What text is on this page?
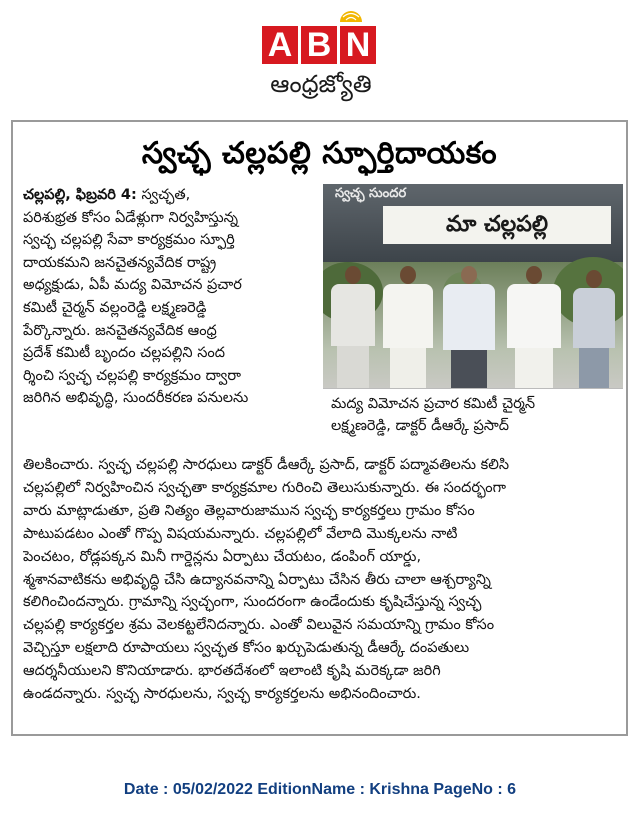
A B N
ఆంధ్రజ్యోతి
స్వచ్ఛ చల్లపల్లి స్ఫూర్తిదాయకం

చల్లపల్లి, ఫిబ్రవరి 4: స్వచ్ఛత,

పరిశుభ్రత కోసం ఏడేళ్లుగా నిర్వహిస్తున్న

స్వచ్ఛ చల్లపల్లి సేవా కార్యక్రమం స్ఫూర్తి

దాయకమని జనచైతన్యవేదిక రాష్ట్ర

అధ్యక్షుడు, ఏపీ మద్య విమోచన ప్రచార

కమిటీ చైర్మన్ వల్లంరెడ్డి లక్ష్మణరెడ్డి

పేర్కొన్నారు. జనచైతన్యవేదిక ఆంధ్ర

ప్రదేశ్ కమిటీ బృందం చల్లపల్లిని సంద

ర్శించి స్వచ్ఛ చల్లపల్లి కార్యక్రమం ద్వారా

జరిగిన అభివృద్ధి, సుందరీకరణ పనులను

స్వచ్ఛ సుందర
మా చల్లపల్లి

మద్య విమోచన ప్రచార కమిటీ చైర్మన్

లక్ష్మణరెడ్డి, డాక్టర్ డీఆర్కే ప్రసాద్

తిలకించారు. స్వచ్ఛ చల్లపల్లి సారధులు డాక్టర్ డీఆర్కే ప్రసాద్, డాక్టర్ పద్మావతిలను కలిసి

చల్లపల్లిలో నిర్వహించిన స్వచ్ఛతా కార్యక్రమాల గురించి తెలుసుకున్నారు. ఈ సందర్భంగా

వారు మాట్లాడుతూ, ప్రతి నిత్యం తెల్లవారుజామున స్వచ్ఛ కార్యకర్తలు గ్రామం కోసం

పాటుపడటం ఎంతో గొప్ప విషయమన్నారు. చల్లపల్లిలో వేలాది మొక్కలను నాటి

పెంచటం, రోడ్లపక్కన మినీ గార్డెన్లను ఏర్పాటు చేయటం, డంపింగ్ యార్డు,

శ్మశానవాటికను అభివృద్ధి చేసి ఉద్యానవనాన్ని ఏర్పాటు చేసిన తీరు చాలా ఆశ్చర్యాన్ని

కలిగించిందన్నారు. గ్రామాన్ని స్వచ్ఛంగా, సుందరంగా ఉండేందుకు కృషిచేస్తున్న స్వచ్ఛ

చల్లపల్లి కార్యకర్తల శ్రమ వెలకట్టలేనిదన్నారు. ఎంతో విలువైన సమయాన్ని గ్రామం కోసం

వెచ్చిస్తూ లక్షలాది రూపాయలు స్వచ్ఛత కోసం ఖర్చుపెడుతున్న డీఆర్కే దంపతులు

ఆదర్శనీయులని కొనియాడారు. భారతదేశంలో ఇలాంటి కృషి మరెక్కడా జరిగి

ఉండదన్నారు. స్వచ్ఛ సారధులను, స్వచ్ఛ కార్యకర్తలను అభినందించారు.

Date : 05/02/2022 EditionName : Krishna PageNo : 6
